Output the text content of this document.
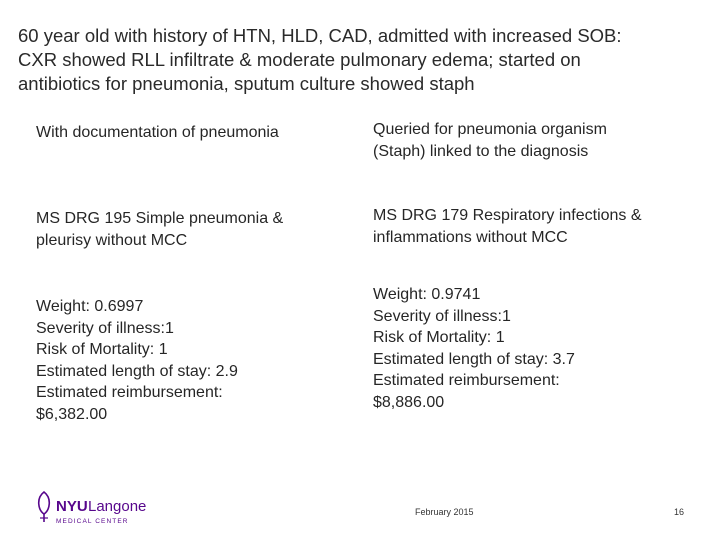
60 year old with history of HTN, HLD, CAD, admitted with increased SOB:
CXR showed RLL infiltrate & moderate pulmonary edema; started on
antibiotics for pneumonia, sputum culture showed staph
With documentation of pneumonia
MS DRG 195 Simple pneumonia &
pleurisy without MCC
Weight: 0.6997
Severity of illness:1
Risk of Mortality: 1
Estimated length of stay: 2.9
Estimated reimbursement:
$6,382.00
Queried for pneumonia organism
(Staph) linked to the diagnosis
MS DRG 179 Respiratory infections &
inflammations without MCC
Weight: 0.9741
Severity of illness:1
Risk of Mortality: 1
Estimated length of stay: 3.7
Estimated reimbursement:
$8,886.00
NYU Langone
MEDICAL CENTER
February 2015	16
